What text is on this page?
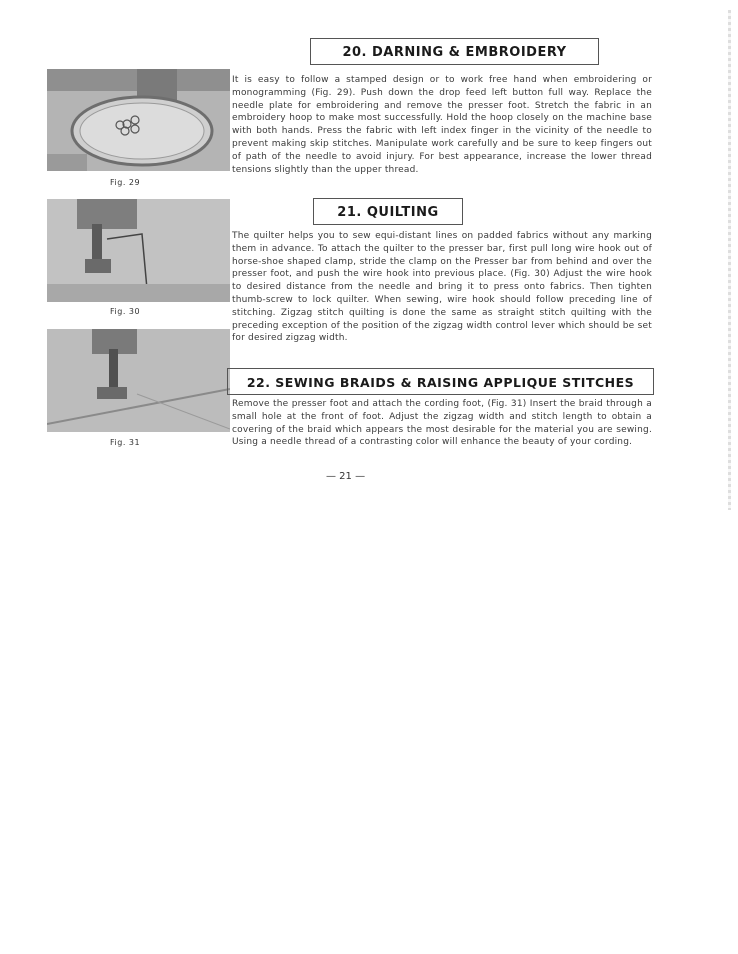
Fig. 29
Fig. 30
Fig. 31
20. DARNING & EMBROIDERY

It is easy to follow a stamped design or to work free hand when embroidering or monogramming (Fig. 29). Push down the drop feed left button full way. Replace the needle plate for embroidering and remove the presser foot. Stretch the fabric in an embroidery hoop to make most successfully. Hold the hoop closely on the machine base with both hands. Press the fabric with left index finger in the vicinity of the needle to prevent making skip stitches. Manipulate work carefully and be sure to keep fingers out of path of the needle to avoid injury. For best appearance, increase the lower thread tensions slightly than the upper thread.

21. QUILTING

The quilter helps you to sew equi-distant lines on padded fabrics without any marking them in advance. To attach the quilter to the presser bar, first pull long wire hook out of horse-shoe shaped clamp, stride the clamp on the Presser bar from behind and over the presser foot, and push the wire hook into previous place. (Fig. 30) Adjust the wire hook to desired distance from the needle and bring it to press onto fabrics. Then tighten thumb-screw to lock quilter. When sewing, wire hook should follow preceding line of stitching. Zigzag stitch quilting is done the same as straight stitch quilting with the preceding exception of the position of the zigzag width control lever which should be set for desired zigzag width.

22. SEWING BRAIDS & RAISING APPLIQUE STITCHES

Remove the presser foot and attach the cording foot, (Fig. 31) Insert the braid through a small hole at the front of foot. Adjust the zigzag width and stitch length to obtain a covering of the braid which appears the most desirable for the material you are sewing. Using a needle thread of a contrasting color will enhance the beauty of your cording.

— 21 —
